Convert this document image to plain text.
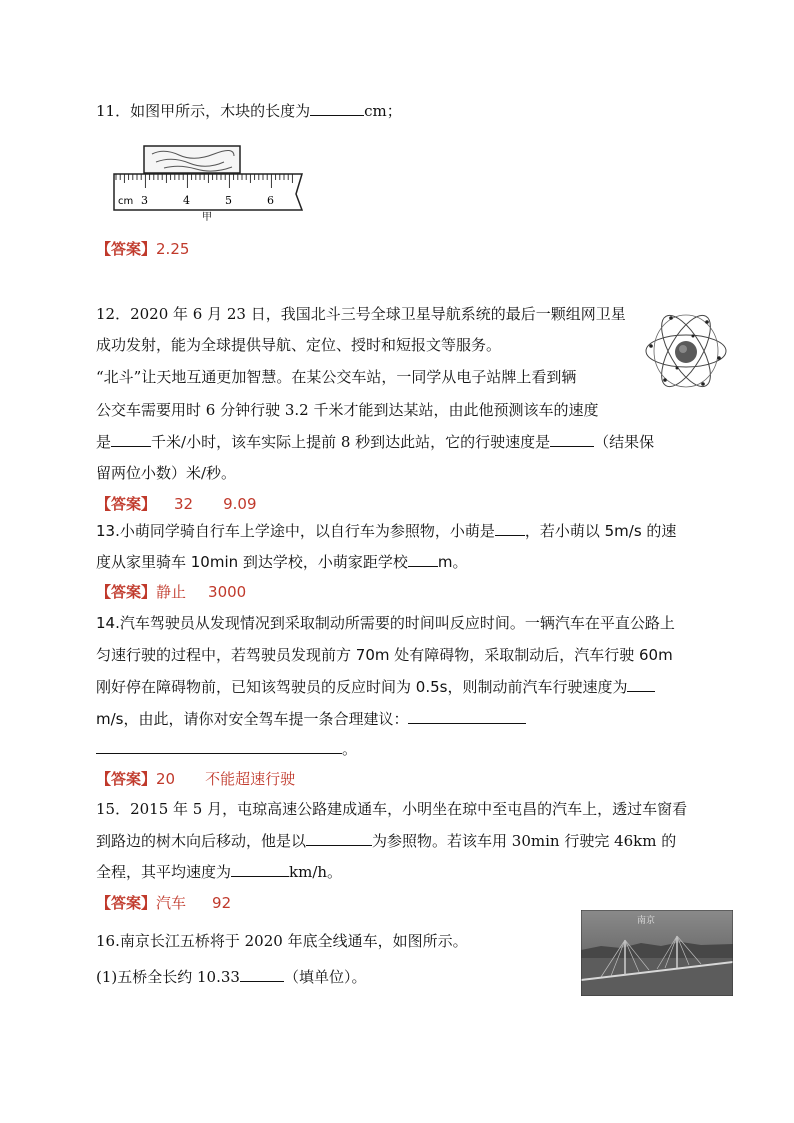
11．如图甲所示，木块的长度为	cm；
cm 3	4	5	6
甲
【答案】2.25
12．2020 年 6 月 23 日，我国北斗三号全球卫星导航系统的最后一颗组网卫星
成功发射，能为全球提供导航、定位、授时和短报文等服务。
“北斗”让天地互通更加智慧。在某公交车站，一同学从电子站牌上看到辆
公交车需要用时 6 分钟行驶 3.2 千米才能到达某站，由此他预测该车的速度
是	千米/小时，该车实际上提前 8 秒到达此站，它的行驶速度是	（结果保
留两位小数）米/秒。
【答案】 32 9.09
13.小萌同学骑自行车上学途中，以自行车为参照物，小萌是 ，若小萌以 5m/s 的速
度从家里骑车 10min 到达学校，小萌家距学校 m。
【答案】静止 3000
14.汽车驾驶员从发现情况到采取制动所需要的时间叫反应时间。一辆汽车在平直公路上
匀速行驶的过程中，若驾驶员发现前方 70m 处有障碍物，采取制动后，汽车行驶 60m
刚好停在障碍物前，已知该驾驶员的反应时间为 0.5s，则制动前汽车行驶速度为
m/s，由此，请你对安全驾车提一条合理建议：
。
【答案】20 不能超速行驶
15．2015 年 5 月，屯琼高速公路建成通车，小明坐在琼中至屯昌的汽车上，透过车窗看
到路边的树木向后移动，他是以	为参照物。若该车用 30min 行驶完 46km 的
全程，其平均速度为	km/h。
【答案】汽车 92
16.南京长江五桥将于 2020 年底全线通车，如图所示。
(1)五桥全长约 10.33	（填单位）。
南京
